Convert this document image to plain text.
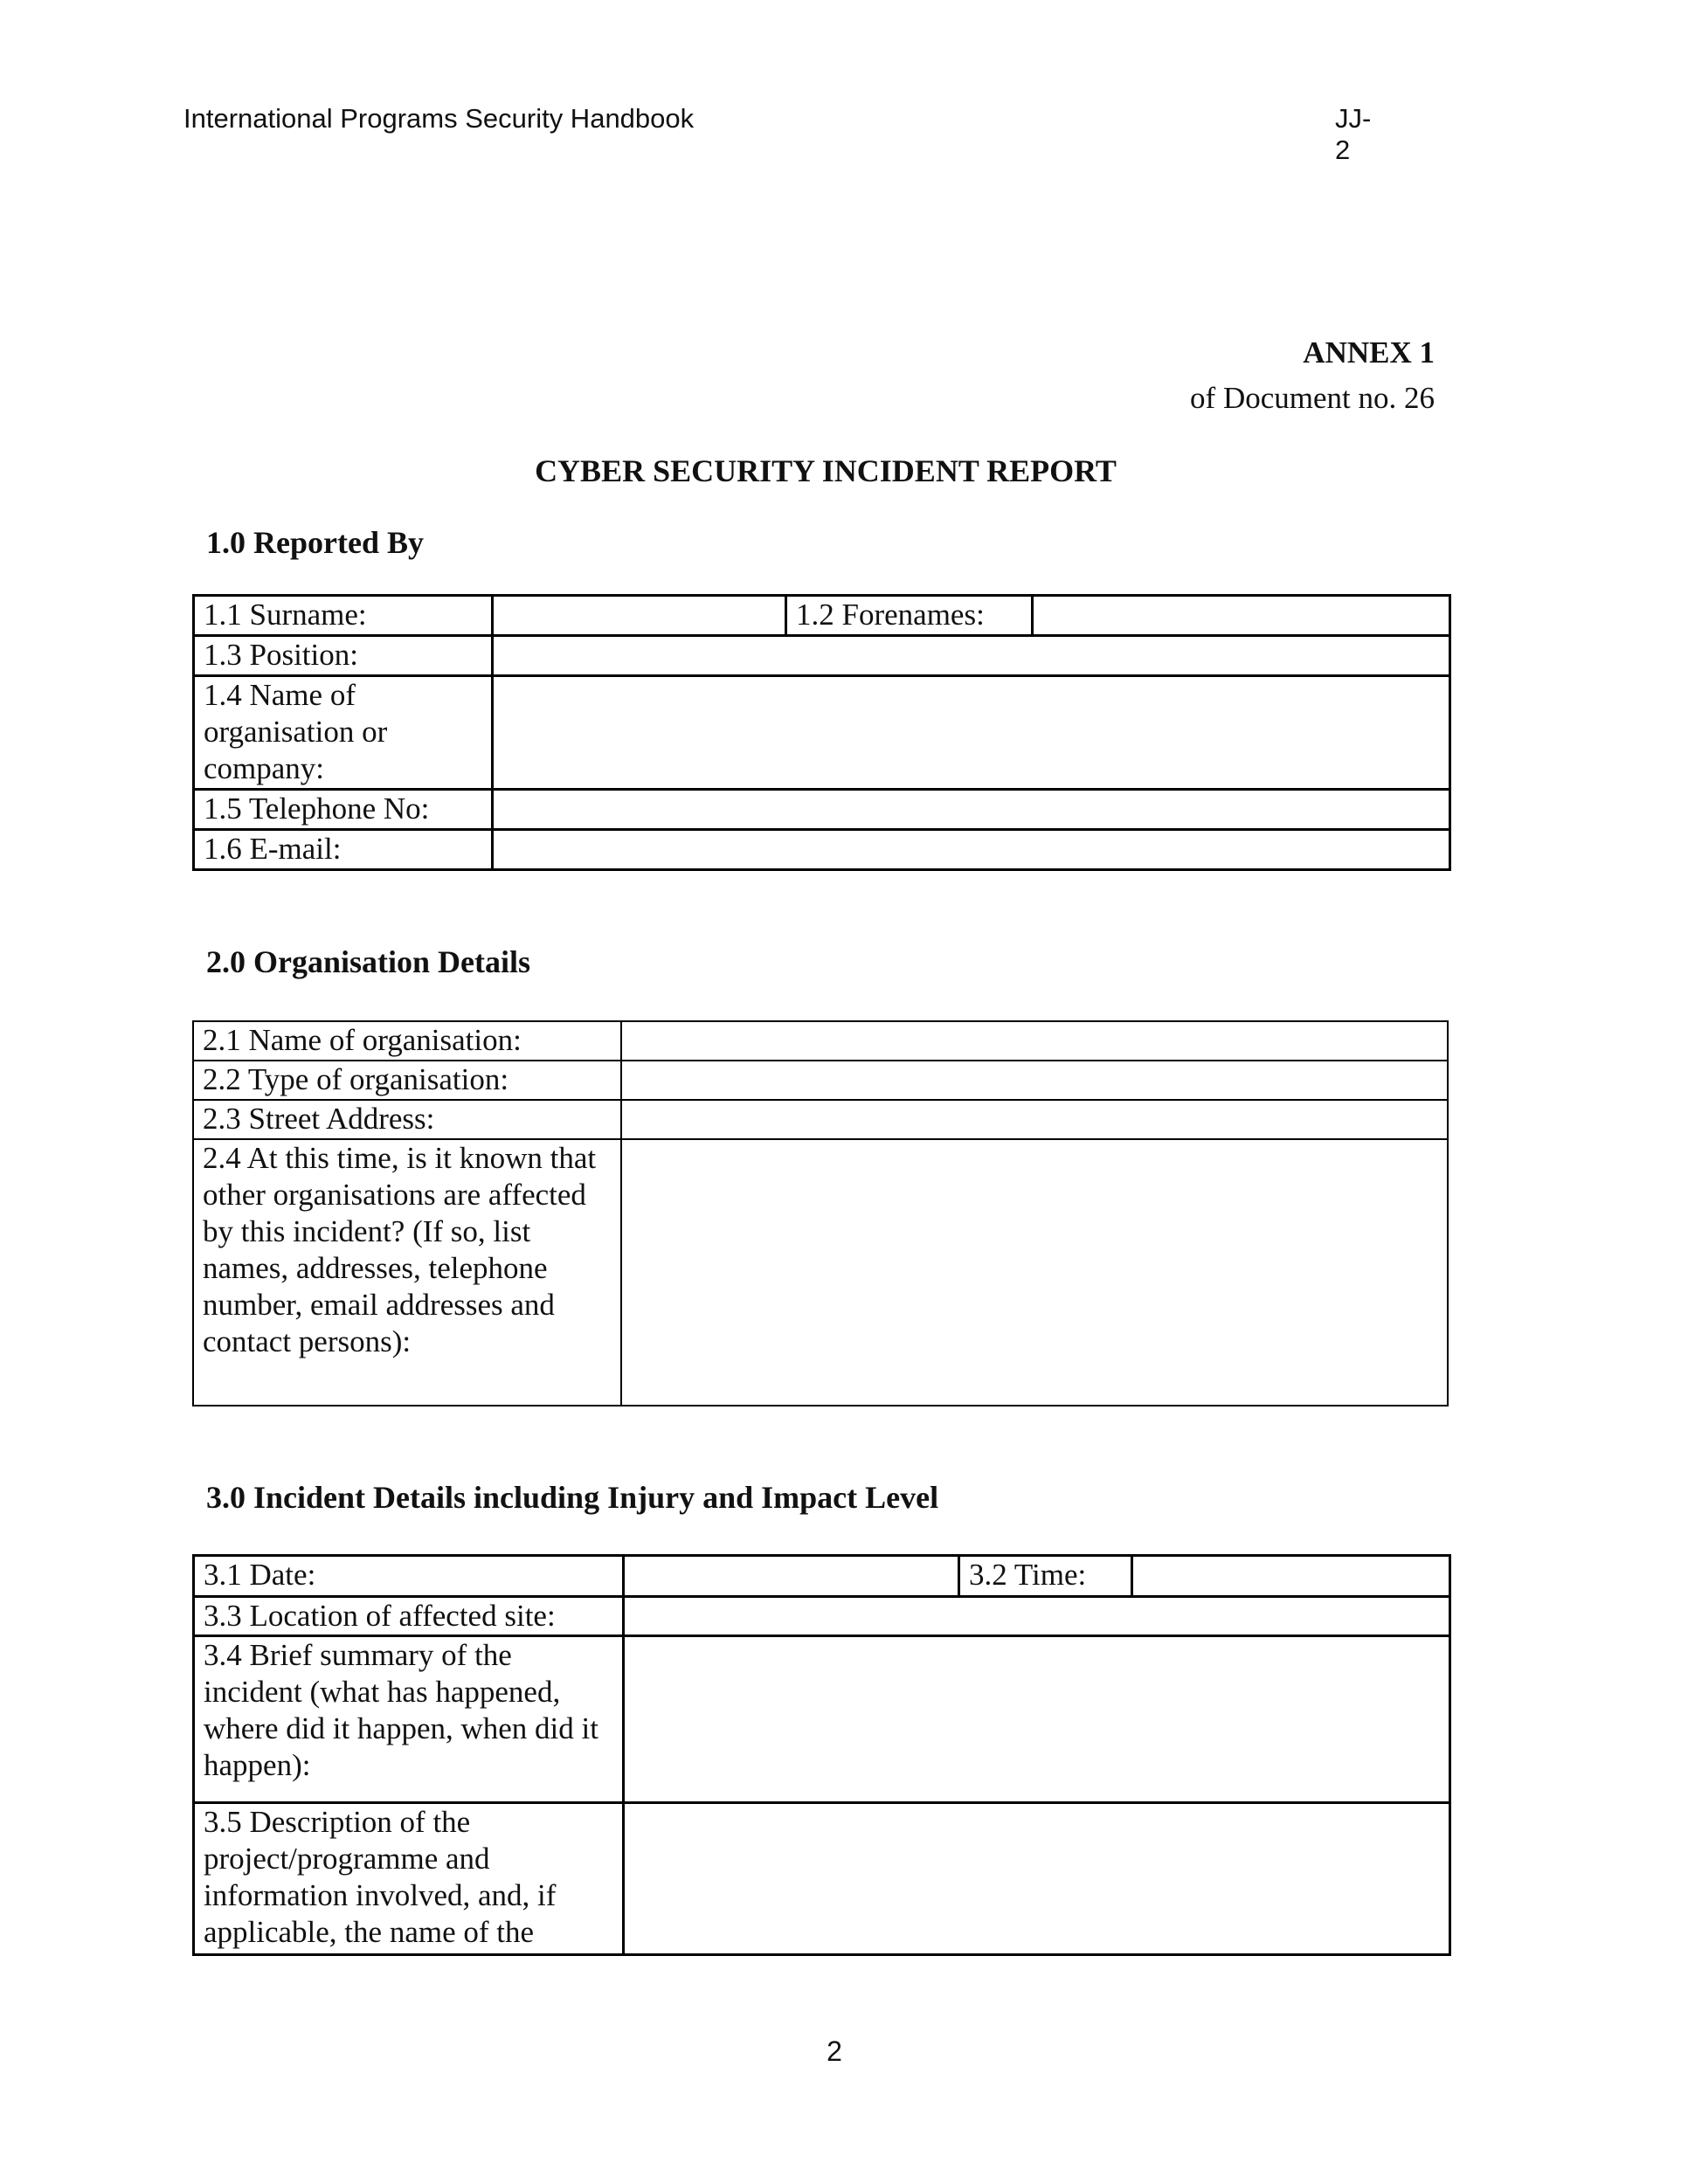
International Programs Security Handbook	JJ-2
ANNEX 1
of Document no. 26
CYBER SECURITY INCIDENT REPORT
1.0 Reported By
1.1 Surname:		1.2 Forenames:	
1.3 Position:			
1.4 Name of organisation or company:			
1.5 Telephone No:			
1.6 E-mail:			
2.0 Organisation Details
2.1 Name of organisation:	
2.2 Type of organisation:	
2.3 Street Address:	
2.4 At this time, is it known that other organisations are affected by this incident? (If so, list names, addresses, telephone number, email addresses and contact persons):	
3.0 Incident Details including Injury and Impact Level
3.1 Date:		3.2 Time:	
3.3 Location of affected site:			
3.4 Brief summary of the incident (what has happened, where did it happen, when did it happen):			
3.5 Description of the project/programme and information involved, and, if applicable, the name of the			
2
